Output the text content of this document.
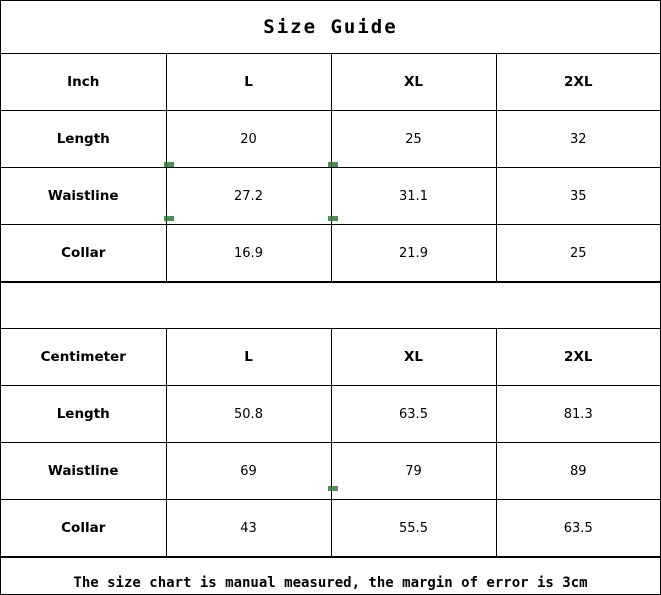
Size Guide
Inch	L	XL	2XL
Length	20	25	32
Waistline	27.2	31.1	35
Collar	16.9	21.9	25
Centimeter	L	XL	2XL
Length	50.8	63.5	81.3
Waistline	69	79	89
Collar	43	55.5	63.5
The size chart is manual measured, the margin of error is 3cm
